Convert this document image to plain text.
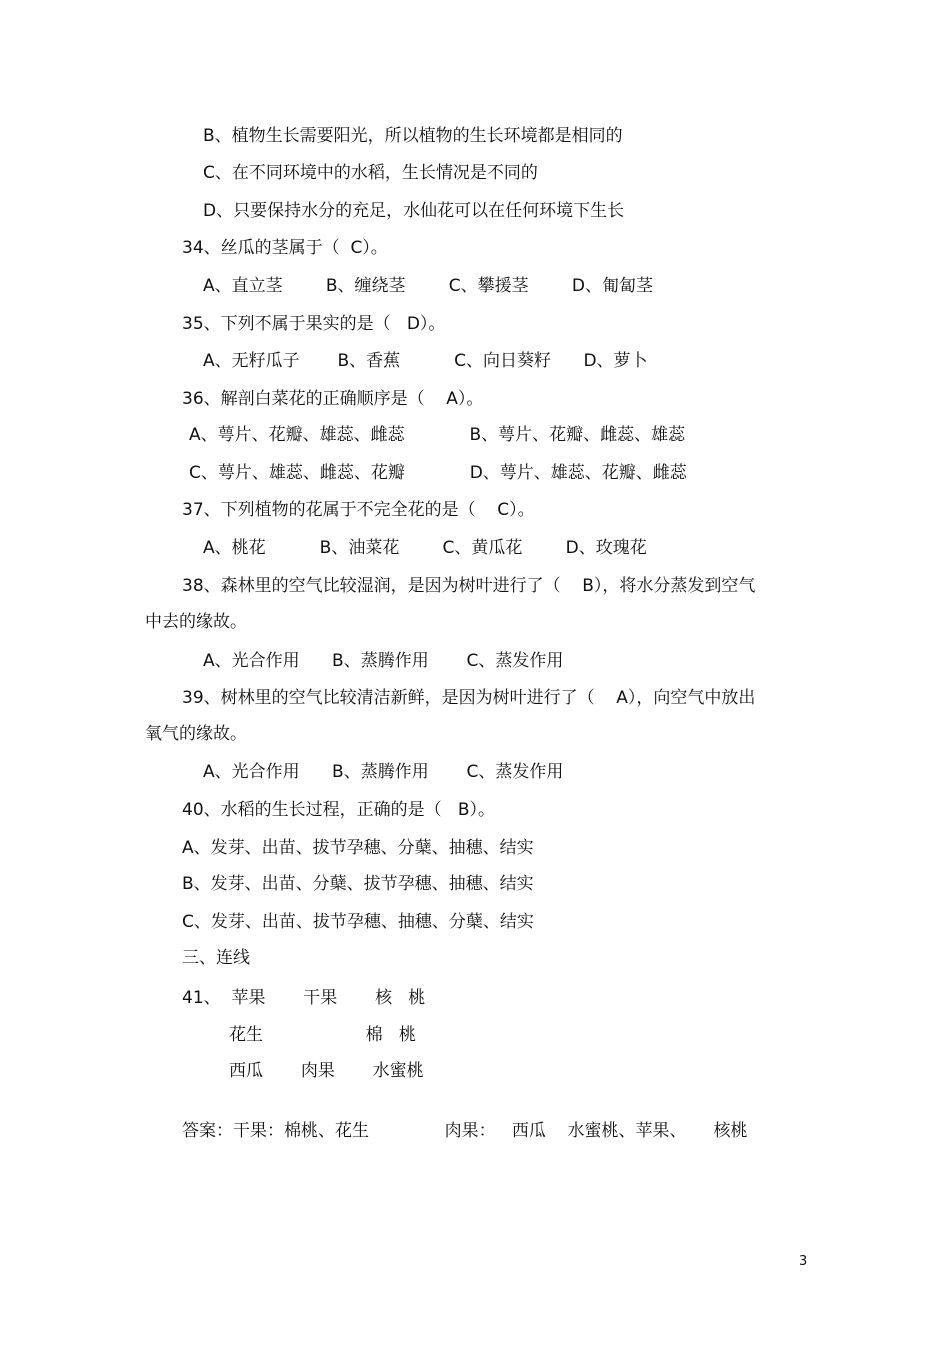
B、植物生长需要阳光，所以植物的生长环境都是相同的
C、在不同环境中的水稻，生长情况是不同的
D、只要保持水分的充足，水仙花可以在任何环境下生长
34、丝瓜的茎属于（  C）。
A、直立茎        B、缠绕茎        C、攀援茎        D、匍匐茎
35、下列不属于果实的是（   D）。
A、无籽瓜子       B、香蕉          C、向日葵籽      D、萝卜
36、解剖白菜花的正确顺序是（    A）。
A、萼片、花瓣、雄蕊、雌蕊            B、萼片、花瓣、雌蕊、雄蕊
C、萼片、雄蕊、雌蕊、花瓣            D、萼片、雄蕊、花瓣、雌蕊
37、下列植物的花属于不完全花的是（    C）。
A、桃花          B、油菜花        C、黄瓜花        D、玫瑰花
38、森林里的空气比较湿润，是因为树叶进行了（    B），将水分蒸发到空气
中去的缘故。
A、光合作用      B、蒸腾作用       C、蒸发作用
39、树林里的空气比较清洁新鲜，是因为树叶进行了（    A），向空气中放出
氧气的缘故。
A、光合作用      B、蒸腾作用       C、蒸发作用
40、水稻的生长过程，正确的是（   B）。
A、发芽、出苗、拔节孕穗、分蘖、抽穗、结实
B、发芽、出苗、分蘖、拔节孕穗、抽穗、结实
C、发芽、出苗、拔节孕穗、抽穗、分蘖、结实
三、连线
41、  苹果       干果       核   桃
花生                   棉   桃
西瓜       肉果       水蜜桃
答案：干果：棉桃、花生              肉果：   西瓜    水蜜桃、苹果、     核桃
3
